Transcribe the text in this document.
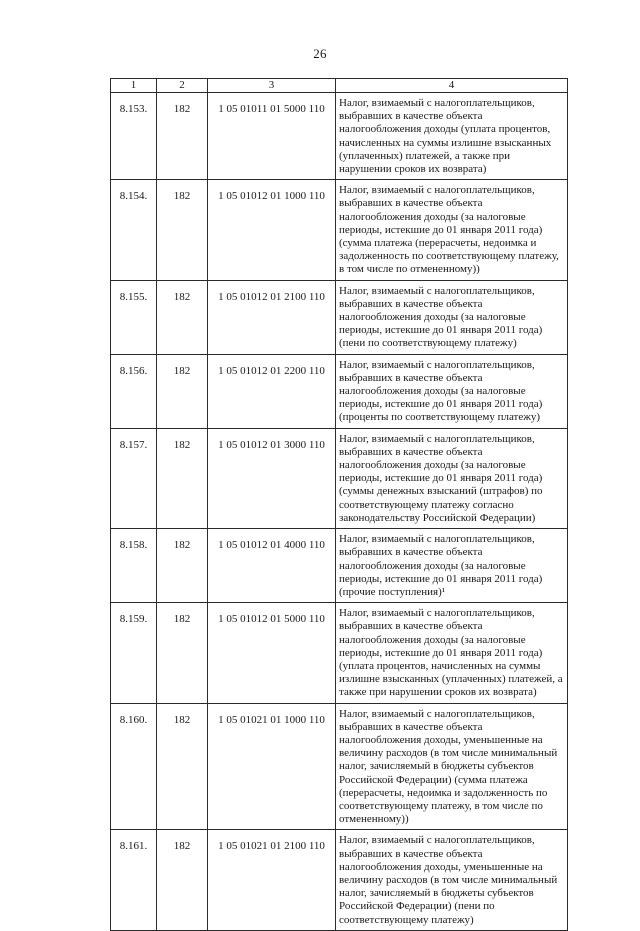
26
1	2	3	4
8.153.	182	1 05 01011 01 5000 110	Налог, взимаемый с налогоплательщиков, выбравших в качестве объекта налогообложения доходы (уплата процентов, начисленных на суммы излишне взысканных (уплаченных) платежей, а также при нарушении сроков их возврата)
8.154.	182	1 05 01012 01 1000 110	Налог, взимаемый с налогоплательщиков, выбравших в качестве объекта налогообложения доходы (за налоговые периоды, истекшие до 01 января 2011 года) (сумма платежа (перерасчеты, недоимка и задолженность по соответствующему платежу, в том числе по отмененному))
8.155.	182	1 05 01012 01 2100 110	Налог, взимаемый с налогоплательщиков, выбравших в качестве объекта налогообложения доходы (за налоговые периоды, истекшие до 01 января 2011 года) (пени по соответствующему платежу)
8.156.	182	1 05 01012 01 2200 110	Налог, взимаемый с налогоплательщиков, выбравших в качестве объекта налогообложения доходы (за налоговые периоды, истекшие до 01 января 2011 года) (проценты по соответствующему платежу)
8.157.	182	1 05 01012 01 3000 110	Налог, взимаемый с налогоплательщиков, выбравших в качестве объекта налогообложения доходы (за налоговые периоды, истекшие до 01 января 2011 года) (суммы денежных взысканий (штрафов) по соответствующему платежу согласно законодательству Российской Федерации)
8.158.	182	1 05 01012 01 4000 110	Налог, взимаемый с налогоплательщиков, выбравших в качестве объекта налогообложения доходы (за налоговые периоды, истекшие до 01 января 2011 года) (прочие поступления)¹
8.159.	182	1 05 01012 01 5000 110	Налог, взимаемый с налогоплательщиков, выбравших в качестве объекта налогообложения доходы (за налоговые периоды, истекшие до 01 января 2011 года) (уплата процентов, начисленных на суммы излишне взысканных (уплаченных) платежей, а также при нарушении сроков их возврата)
8.160.	182	1 05 01021 01 1000 110	Налог, взимаемый с налогоплательщиков, выбравших в качестве объекта налогообложения доходы, уменьшенные на величину расходов (в том числе минимальный налог, зачисляемый в бюджеты субъектов Российской Федерации) (сумма платежа (перерасчеты, недоимка и задолженность по соответствующему платежу, в том числе по отмененному))
8.161.	182	1 05 01021 01 2100 110	Налог, взимаемый с налогоплательщиков, выбравших в качестве объекта налогообложения доходы, уменьшенные на величину расходов (в том числе минимальный налог, зачисляемый в бюджеты субъектов Российской Федерации) (пени по соответствующему платежу)
